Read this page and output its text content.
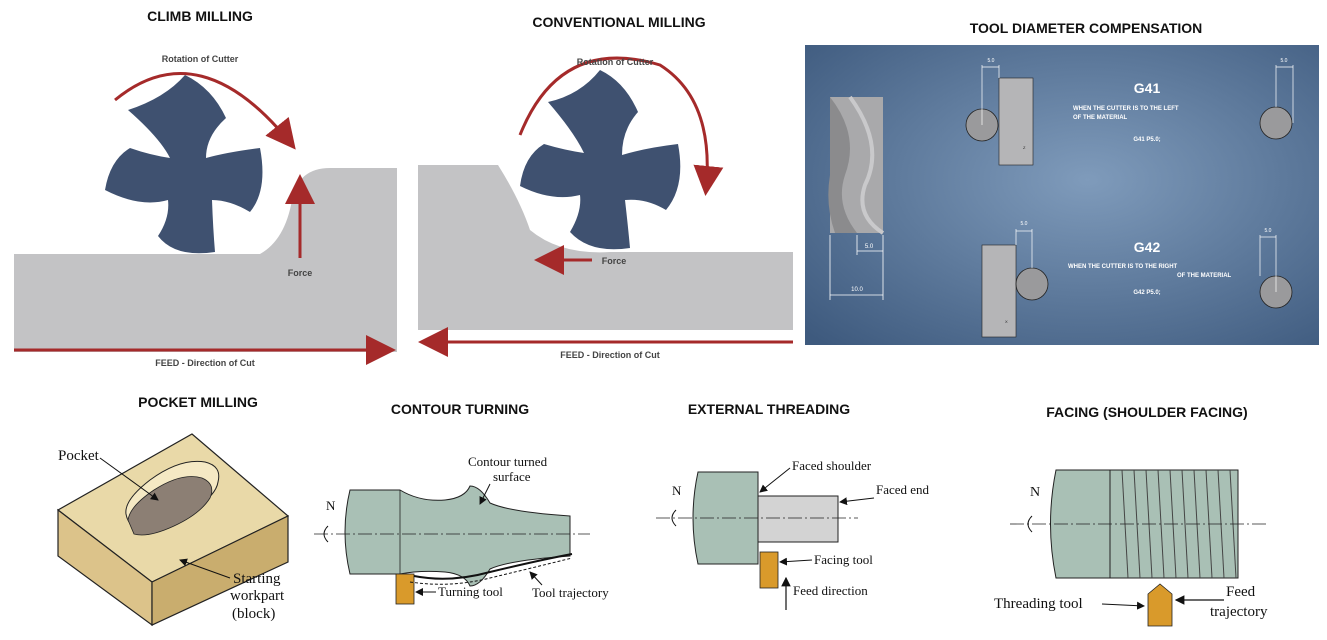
CLIMB MILLING	CONVENTIONAL MILLING	TOOL DIAMETER COMPENSATION
POCKET MILLING	CONTOUR TURNING	EXTERNAL THREADING	FACING (SHOULDER FACING)
Rotation of Cutter
Force
FEED - Direction of Cut
Rotation of Cutter
Force
FEED - Direction of Cut
5.0
10.0
5.0
Z
5.0
G41
WHEN THE CUTTER IS TO THE LEFT
OF THE MATERIAL
G41 P5.0;
5.0
X
5.0
G42
WHEN THE CUTTER IS TO THE RIGHT
OF THE MATERIAL
G42 P5.0;
Pocket
Starting
workpart
(block)
N
Contour turned
surface
Turning tool Tool trajectory
N
Faced shoulder
Faced end
Facing tool
Feed direction
N
Threading tool
Feed
trajectory
